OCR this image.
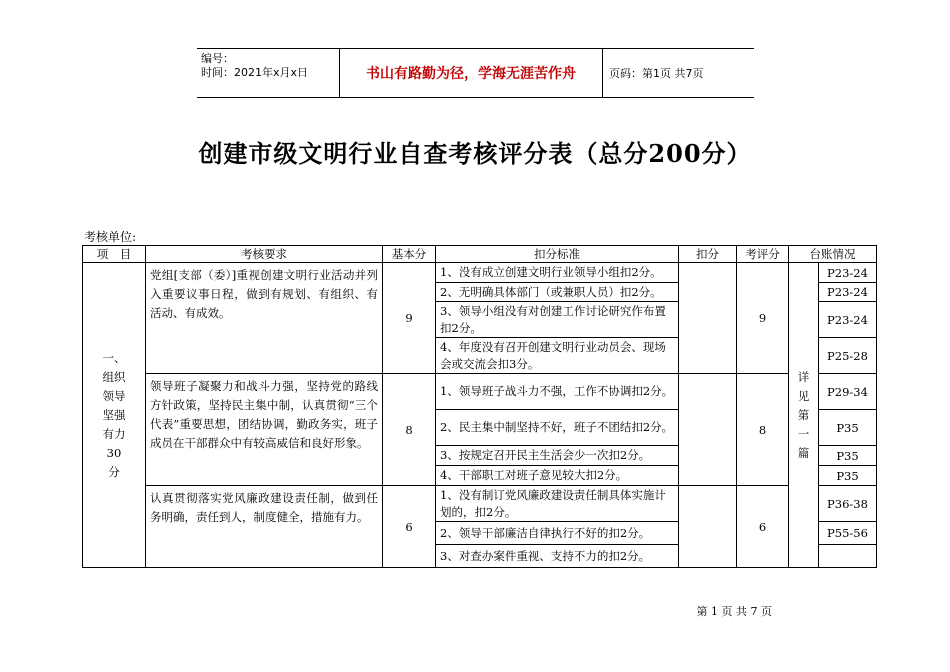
编号：
时间：2021年x月x日	书山有路勤为径，学海无涯苦作舟	页码：第1页 共7页
创建市级文明行业自查考核评分表（总分200分）
考核单位:
项　目	考核要求	基本分	扣分标准	扣分	考评分	台账情况	

一、组织领导坚强有力30分	党组[支部（委）]重视创建文明行业活动并列入重要议事日程，做到有规划、有组织、有活动、有成效。	9	1、没有成立创建文明行业领导小组扣2分。		9	详见第一篇	P23-24
			2、无明确具体部门（或兼职人员）扣2分。				P23-24
			3、领导小组没有对创建工作讨论研究作布置扣2分。				P23-24
			4、年度没有召开创建文明行业动员会、现场会或交流会扣3分。				P25-28
	领导班子凝聚力和战斗力强，坚持党的路线方针政策，坚持民主集中制，认真贯彻“三个代表”重要思想，团结协调，勤政务实，班子成员在干部群众中有较高威信和良好形象。	8	1、领导班子战斗力不强，工作不协调扣2分。		8		P29-34
			2、民主集中制坚持不好，班子不团结扣2分。				P35
			3、按规定召开民主生活会少一次扣2分。				P35
			4、干部职工对班子意见较大扣2分。				P35
	认真贯彻落实党风廉政建设责任制，做到任务明确，责任到人，制度健全，措施有力。	6	1、没有制订党风廉政建设责任制具体实施计划的，扣2分。		6		P36-38
			2、领导干部廉洁自律执行不好的扣2分。				P55-56
			3、对查办案件重视、支持不力的扣2分。				
第 1 页 共 7 页
